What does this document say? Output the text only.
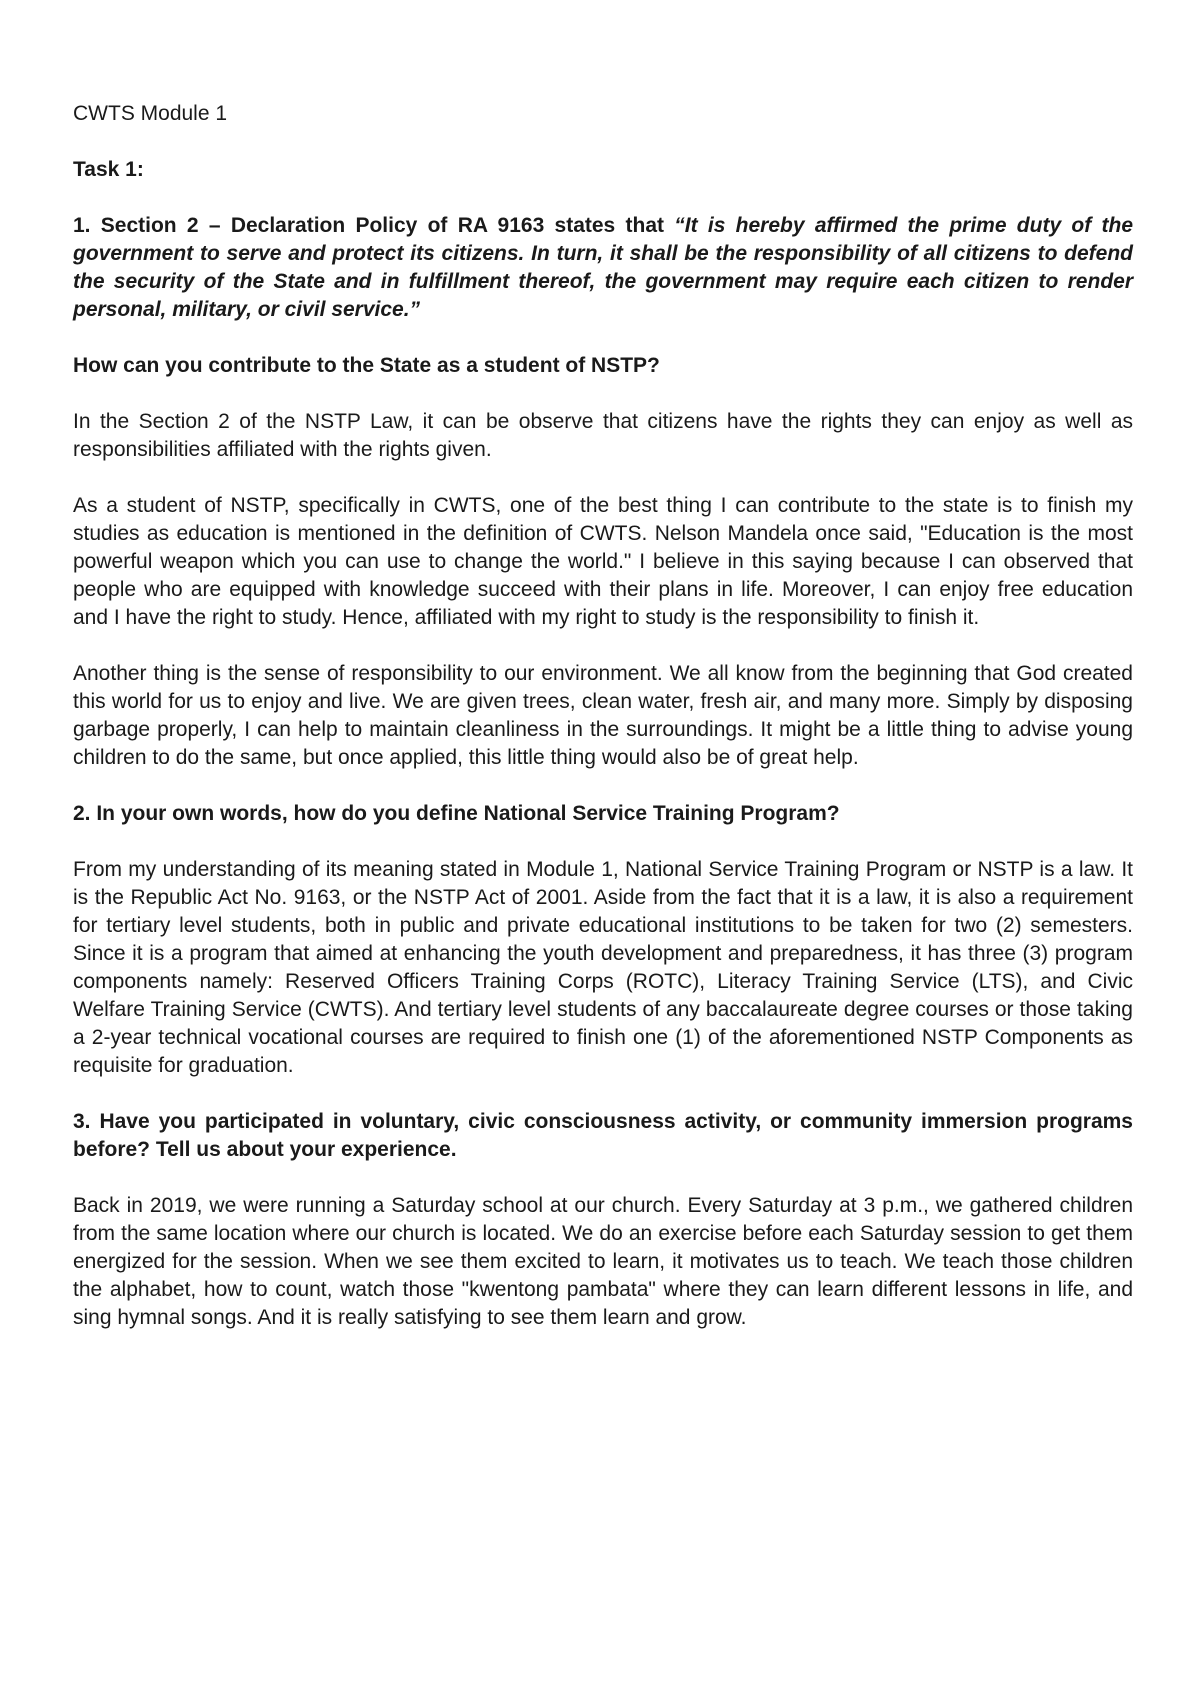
CWTS Module 1

Task 1:

1. Section 2 – Declaration Policy of RA 9163 states that “It is hereby affirmed the prime duty of the government to serve and protect its citizens. In turn, it shall be the responsibility of all citizens to defend the security of the State and in fulfillment thereof, the government may require each citizen to render personal, military, or civil service.”

How can you contribute to the State as a student of NSTP?

In the Section 2 of the NSTP Law, it can be observe that citizens have the rights they can enjoy as well as responsibilities affiliated with the rights given.

As a student of NSTP, specifically in CWTS, one of the best thing I can contribute to the state is to finish my studies as education is mentioned in the definition of CWTS. Nelson Mandela once said, "Education is the most powerful weapon which you can use to change the world." I believe in this saying because I can observed that people who are equipped with knowledge succeed with their plans in life. Moreover, I can enjoy free education and I have the right to study. Hence, affiliated with my right to study is the responsibility to finish it.

Another thing is the sense of responsibility to our environment. We all know from the beginning that God created this world for us to enjoy and live. We are given trees, clean water, fresh air, and many more. Simply by disposing garbage properly, I can help to maintain cleanliness in the surroundings. It might be a little thing to advise young children to do the same, but once applied, this little thing would also be of great help.

2. In your own words, how do you define National Service Training Program?

From my understanding of its meaning stated in Module 1, National Service Training Program or NSTP is a law. It is the Republic Act No. 9163, or the NSTP Act of 2001. Aside from the fact that it is a law, it is also a requirement for tertiary level students, both in public and private educational institutions to be taken for two (2) semesters. Since it is a program that aimed at enhancing the youth development and preparedness, it has three (3) program components namely: Reserved Officers Training Corps (ROTC), Literacy Training Service (LTS), and Civic Welfare Training Service (CWTS). And tertiary level students of any baccalaureate degree courses or those taking a 2-year technical vocational courses are required to finish one (1) of the aforementioned NSTP Components as requisite for graduation.

3. Have you participated in voluntary, civic consciousness activity, or community immersion programs before? Tell us about your experience.

Back in 2019, we were running a Saturday school at our church. Every Saturday at 3 p.m., we gathered children from the same location where our church is located. We do an exercise before each Saturday session to get them energized for the session. When we see them excited to learn, it motivates us to teach. We teach those children the alphabet, how to count, watch those "kwentong pambata" where they can learn different lessons in life, and sing hymnal songs. And it is really satisfying to see them learn and grow.
